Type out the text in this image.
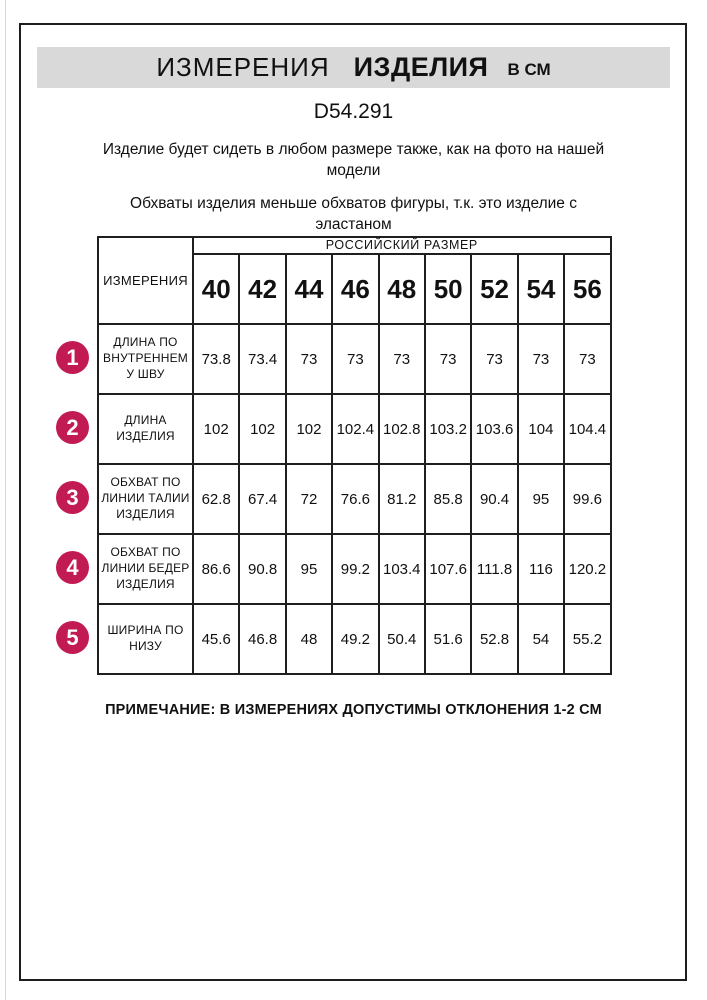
ИЗМЕРЕНИЯ ИЗДЕЛИЯ В СМ
D54.291
Изделие будет сидеть в любом размере также, как на фото на нашей
модели
Обхваты изделия меньше обхватов фигуры, т.к. это изделие с
эластаном
ИЗМЕРЕНИЯ	РОССИЙСКИЙ РАЗМЕР								
	40	42	44	46	48	50	52	54	56
ДЛИНА ПО ВНУТРЕННЕМУ ШВУ	73.8	73.4	73	73	73	73	73	73	73
ДЛИНА ИЗДЕЛИЯ	102	102	102	102.4	102.8	103.2	103.6	104	104.4
ОБХВАТ ПО ЛИНИИ ТАЛИИ ИЗДЕЛИЯ	62.8	67.4	72	76.6	81.2	85.8	90.4	95	99.6
ОБХВАТ ПО ЛИНИИ БЕДЕР ИЗДЕЛИЯ	86.6	90.8	95	99.2	103.4	107.6	111.8	116	120.2
ШИРИНА ПО НИЗУ	45.6	46.8	48	49.2	50.4	51.6	52.8	54	55.2
1
2
3
4
5
ПРИМЕЧАНИЕ: В ИЗМЕРЕНИЯХ ДОПУСТИМЫ ОТКЛОНЕНИЯ 1-2 СМ
